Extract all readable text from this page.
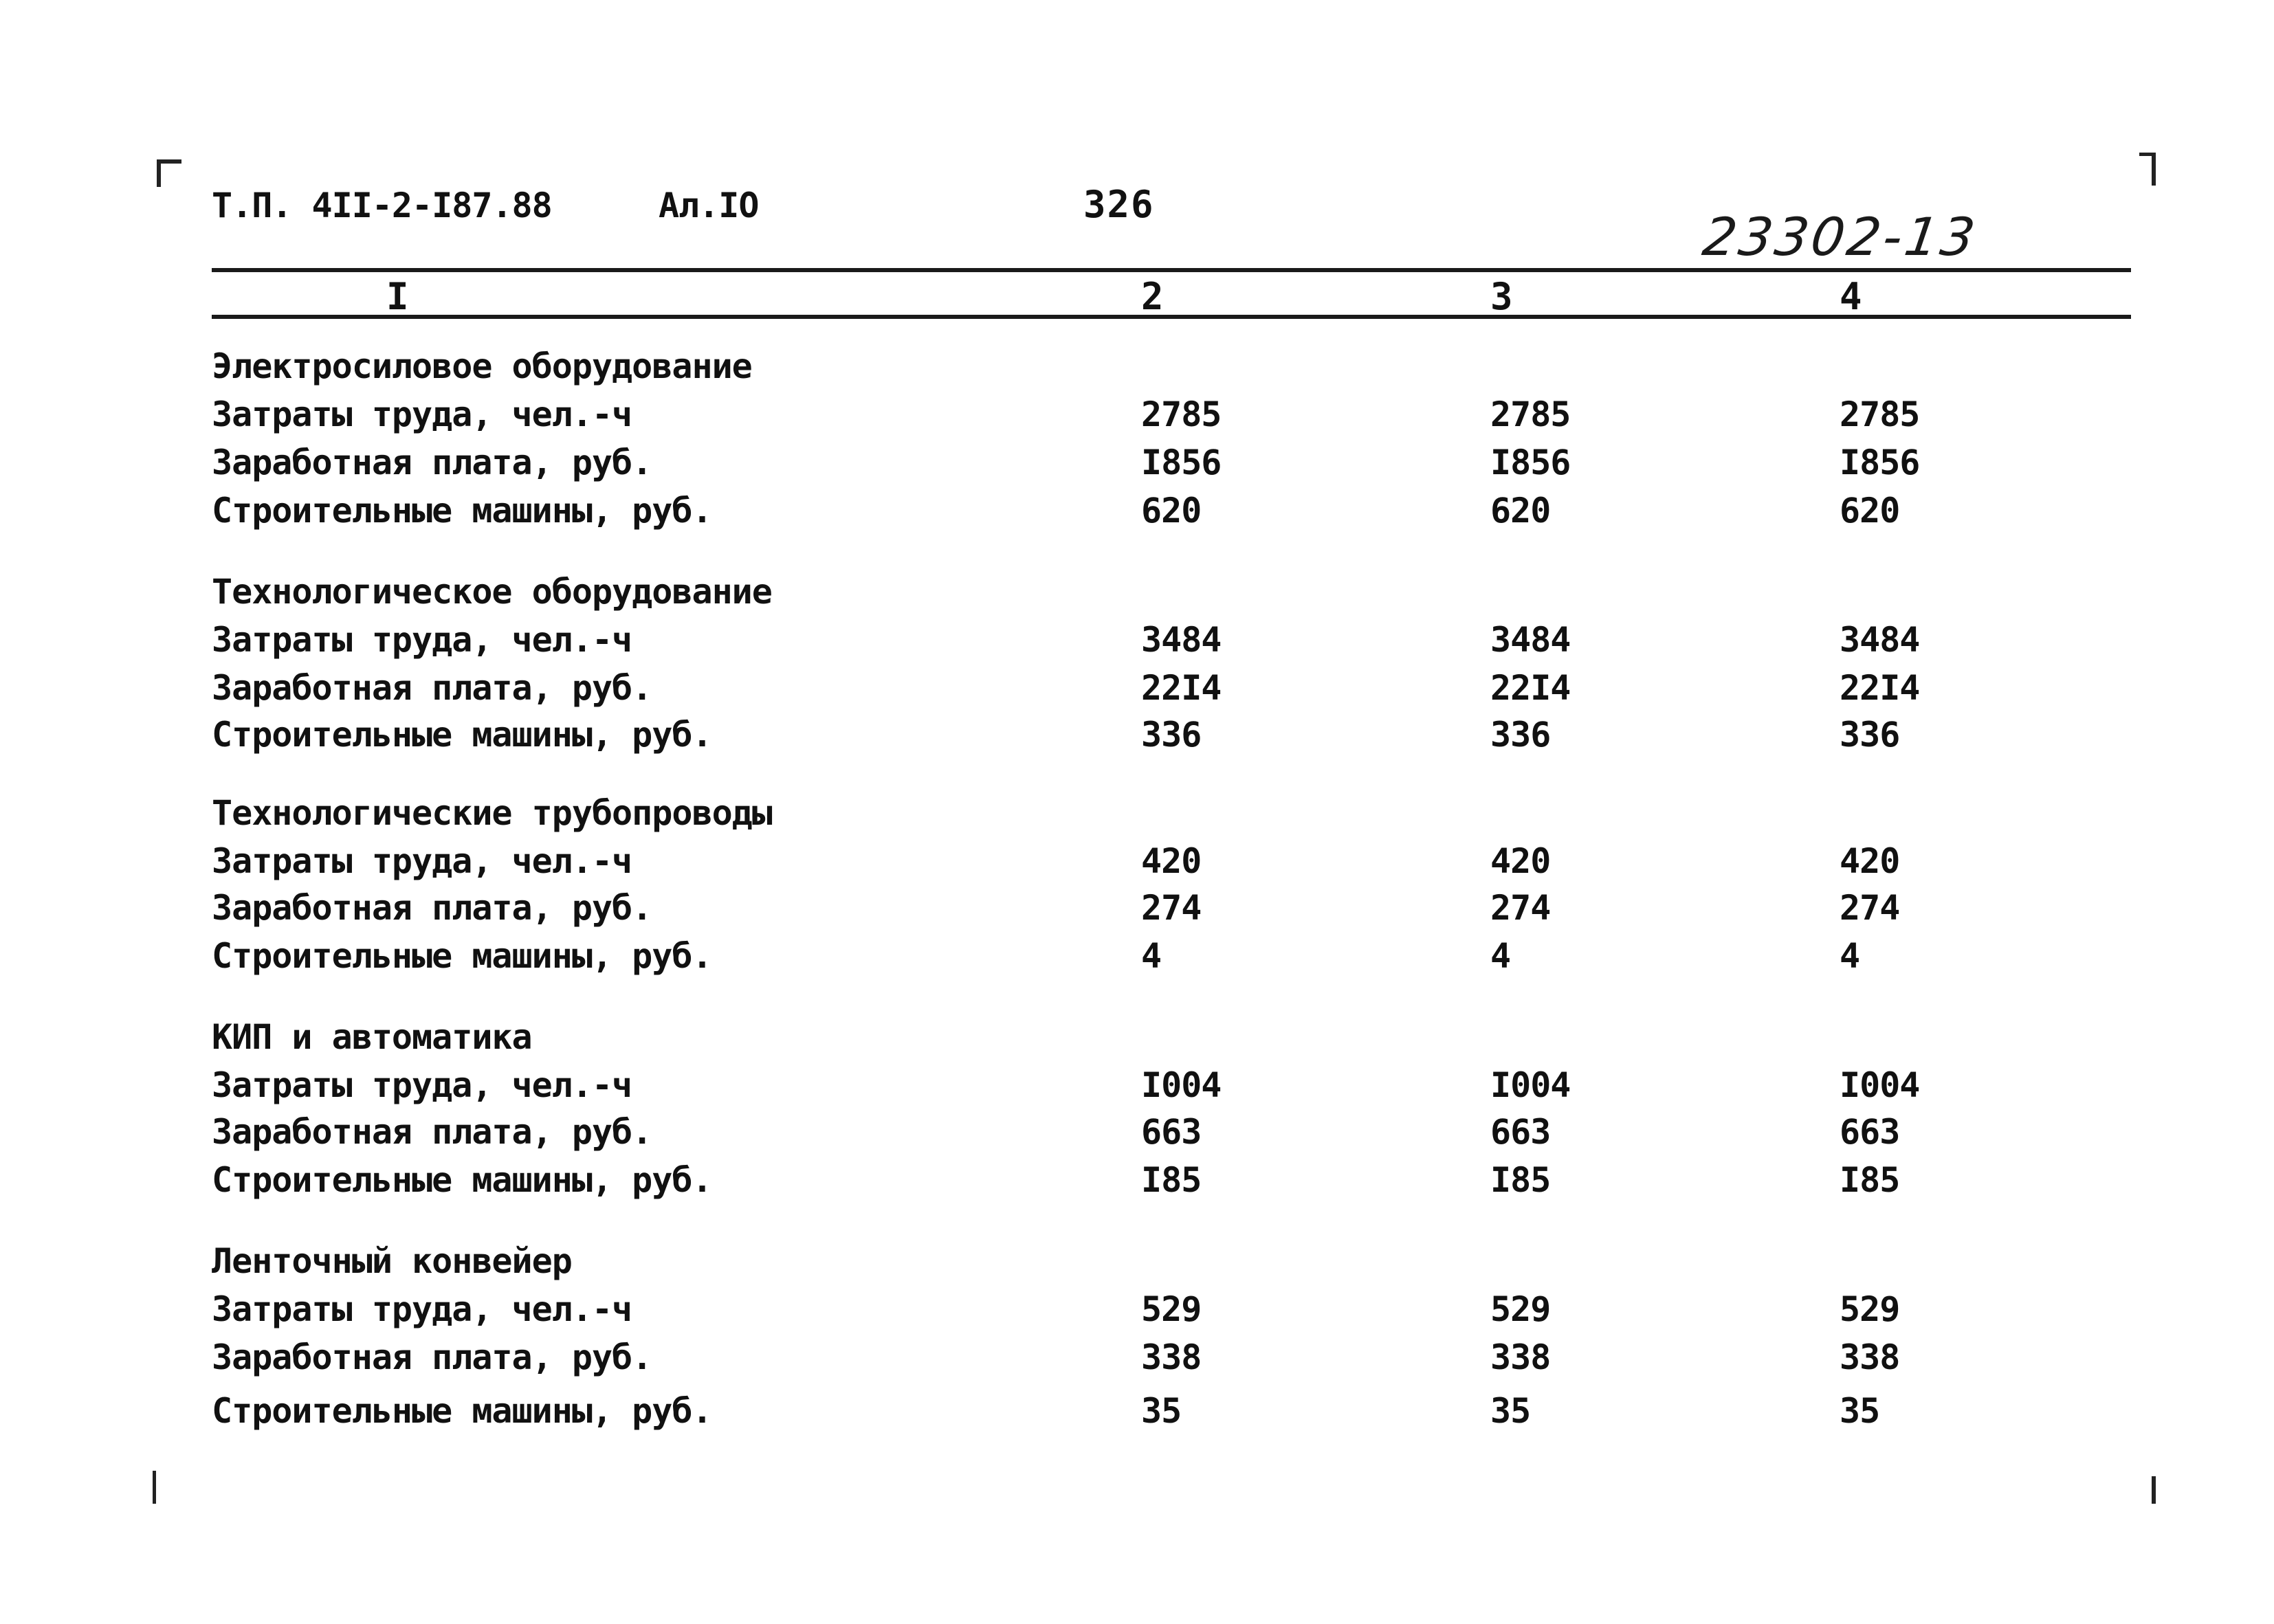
Т.П. 4II-2-I87.88	Ал.IO	326
23302-13
I	2	3	4
Электросиловое оборудование
Затраты труда, чел.-ч	2785	2785	2785
Заработная плата, руб.	I856	I856	I856
Строительные машины, руб.	620	620	620
Технологическое оборудование
Затраты труда, чел.-ч	3484	3484	3484
Заработная плата, руб.	22I4	22I4	22I4
Строительные машины, руб.	336	336	336
Технологические трубопроводы
Затраты труда, чел.-ч	420	420	420
Заработная плата, руб.	274	274	274
Строительные машины, руб.	4	4	4
КИП и автоматика
Затраты труда, чел.-ч	I004	I004	I004
Заработная плата, руб.	663	663	663
Строительные машины, руб.	I85	I85	I85
Ленточный конвейер
Затраты труда, чел.-ч	529	529	529
Заработная плата, руб.	338	338	338
Строительные машины, руб.	35	35	35
